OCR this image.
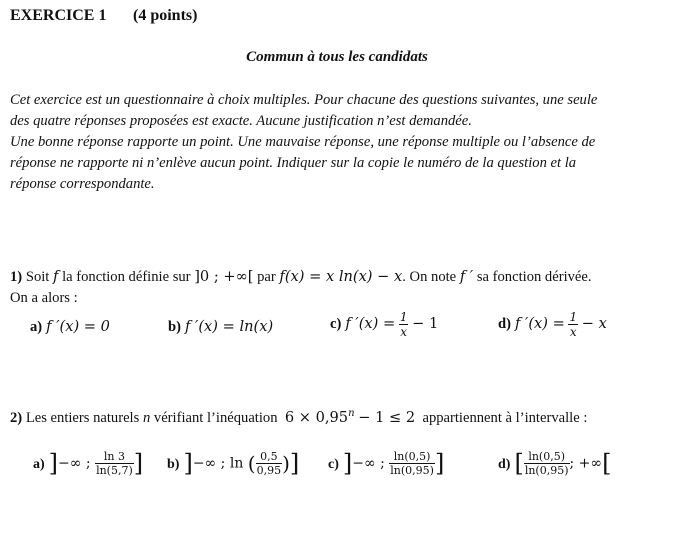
EXERCICE 1 (4 points)
Commun à tous les candidats
Cet exercice est un questionnaire à choix multiples. Pour chacune des questions suivantes, une seule
des quatre réponses proposées est exacte. Aucune justification n’est demandée.
Une bonne réponse rapporte un point. Une mauvaise réponse, une réponse multiple ou l’absence de
réponse ne rapporte ni n’enlève aucun point. Indiquer sur la copie le numéro de la question et la
réponse correspondante.
1) Soit f la fonction définie sur ]0 ; +∞[ par f(x) = x ln(x) − x. On note f ′ sa fonction dérivée.
On a alors :
a) f ′(x) = 0	b) f ′(x) = ln(x)	c) f $'(x) = \frac{1}{x} - 1$	d) f $'(x) = \frac{1}{x} - x$
2) Les entiers naturels n vérifiant l’inéquation $6 \times 0,95^n - 1 \le 2$ appartiennent à l’intervalle :
a) ]−∞ ; $\frac{\ln 3}{\ln(5,7)}$ ] b) ]−∞ ; ln ( $\frac{0,5}{0,95}$ )] c) ]−∞ ; $\frac{\ln(0,5)}{\ln(0,95)}$ ]	d) [ $\frac{\ln(0,5)}{\ln(0,95)}$ ; +∞[
